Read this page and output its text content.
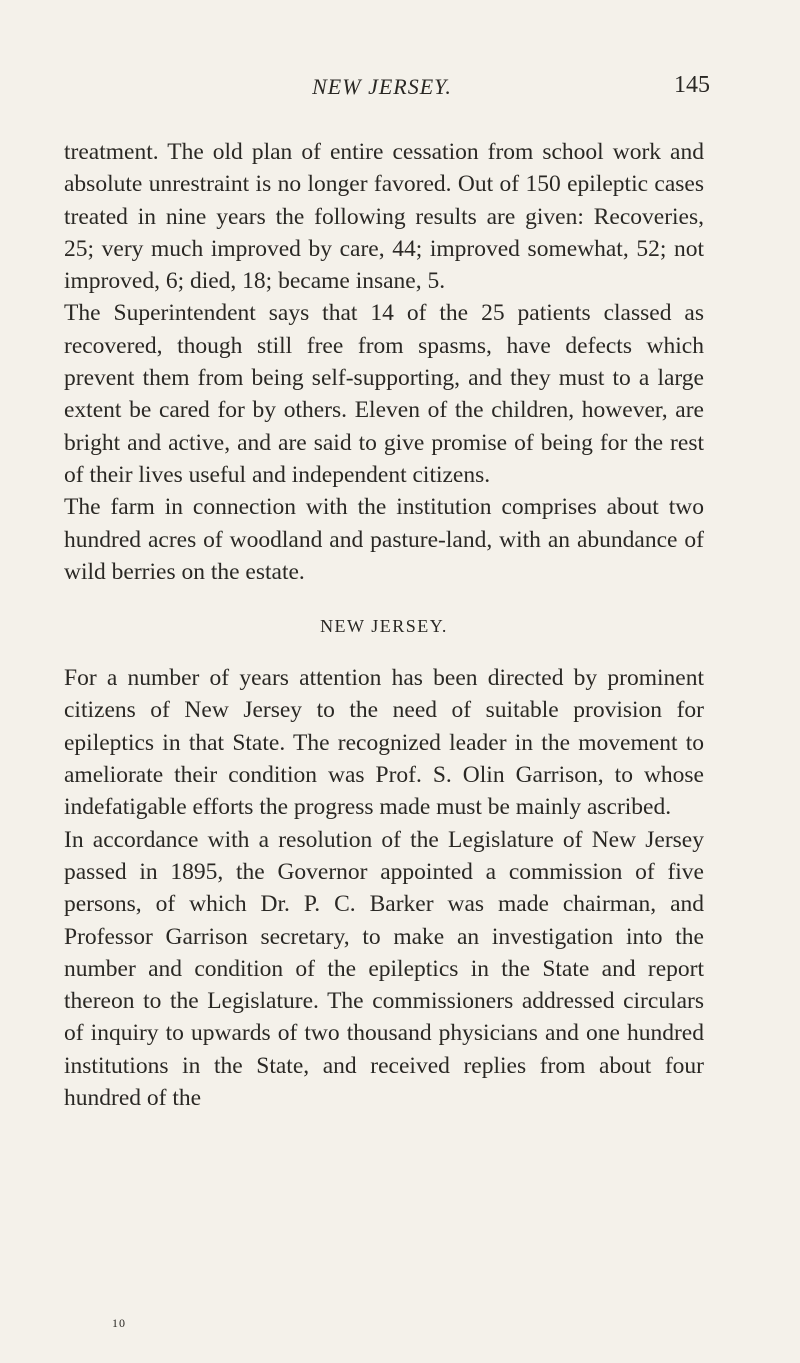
NEW JERSEY.	145

treatment. The old plan of entire cessation from school work and absolute unrestraint is no longer favored. Out of 150 epileptic cases treated in nine years the following results are given: Recoveries, 25; very much improved by care, 44; improved somewhat, 52; not improved, 6; died, 18; became insane, 5.

The Superintendent says that 14 of the 25 patients classed as recovered, though still free from spasms, have defects which prevent them from being self-supporting, and they must to a large extent be cared for by others. Eleven of the children, however, are bright and active, and are said to give promise of being for the rest of their lives useful and independent citizens.

The farm in connection with the institution comprises about two hundred acres of woodland and pasture-land, with an abundance of wild berries on the estate.

NEW JERSEY.

For a number of years attention has been directed by prominent citizens of New Jersey to the need of suitable provision for epileptics in that State. The recognized leader in the movement to ameliorate their condition was Prof. S. Olin Garrison, to whose indefatigable efforts the progress made must be mainly ascribed.

In accordance with a resolution of the Legislature of New Jersey passed in 1895, the Governor appointed a commission of five persons, of which Dr. P. C. Barker was made chairman, and Professor Garrison secretary, to make an investigation into the number and condition of the epileptics in the State and report thereon to the Legislature. The commissioners addressed circulars of inquiry to upwards of two thousand physicians and one hundred institutions in the State, and received replies from about four hundred of the

10
